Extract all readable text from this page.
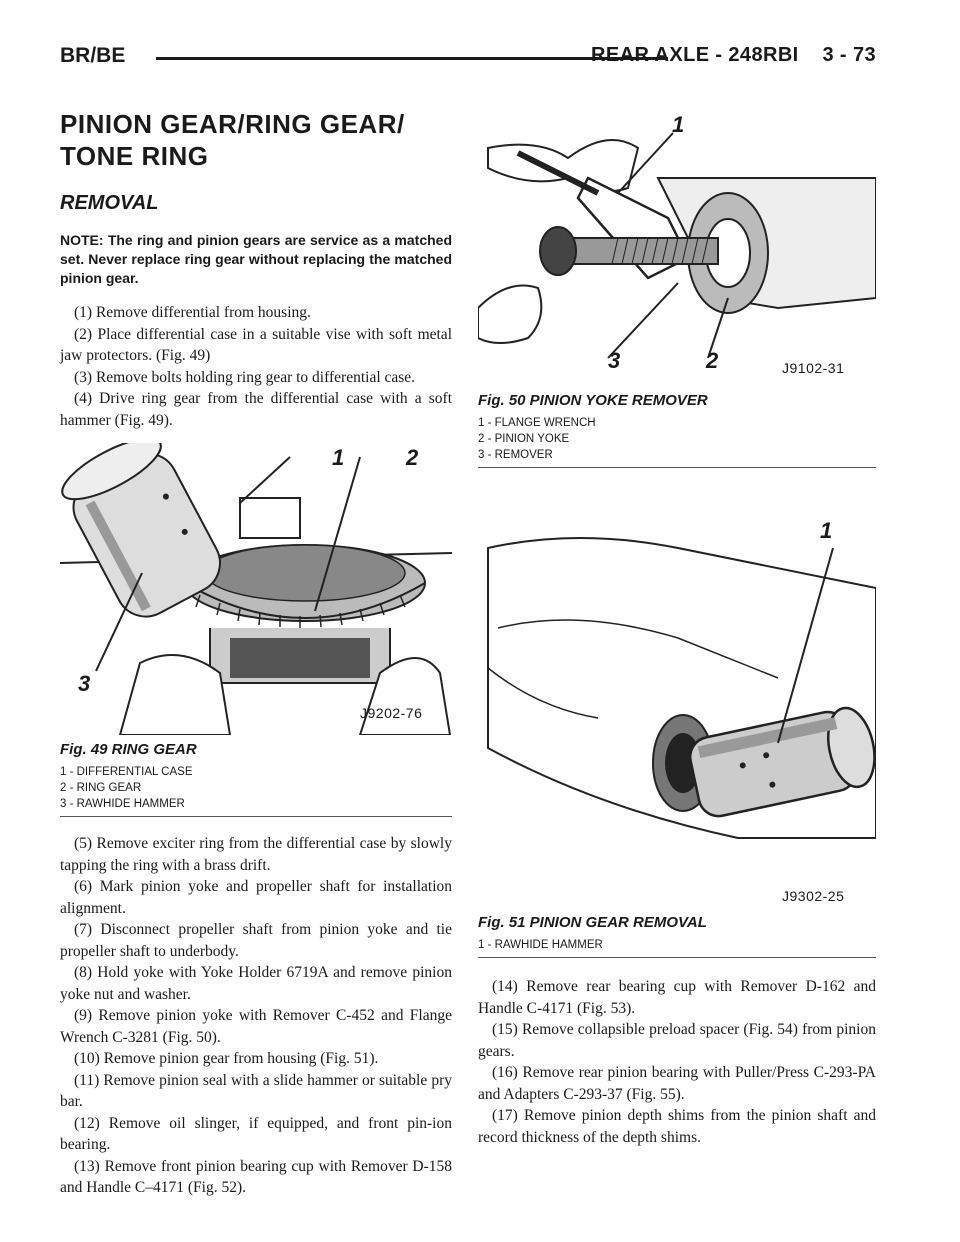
BR/BE	REAR AXLE - 248RBI    3 - 73
PINION GEAR/RING GEAR/
TONE RING
REMOVAL
NOTE: The ring and pinion gears are service as a matched set. Never replace ring gear without replacing the matched pinion gear.

(1) Remove differential from housing.

(2) Place differential case in a suitable vise with soft metal jaw protectors. (Fig. 49)

(3) Remove bolts holding ring gear to differential case.

(4) Drive ring gear from the differential case with a soft hammer (Fig. 49).

1	2
3
J9202-76
Fig. 49 RING GEAR
1 - DIFFERENTIAL CASE
2 - RING GEAR
3 - RAWHIDE HAMMER

(5) Remove exciter ring from the differential case by slowly tapping the ring with a brass drift.

(6) Mark pinion yoke and propeller shaft for installation alignment.

(7) Disconnect propeller shaft from pinion yoke and tie propeller shaft to underbody.

(8) Hold yoke with Yoke Holder 6719A and remove pinion yoke nut and washer.

(9) Remove pinion yoke with Remover C-452 and Flange Wrench C-3281 (Fig. 50).

(10) Remove pinion gear from housing (Fig. 51).

(11) Remove pinion seal with a slide hammer or suitable pry bar.

(12) Remove oil slinger, if equipped, and front pin-ion bearing.

(13) Remove front pinion bearing cup with Remover D-158 and Handle C–4171 (Fig. 52).

1
3	2	J9102-31
Fig. 50 PINION YOKE REMOVER
1 - FLANGE WRENCH
2 - PINION YOKE
3 - REMOVER
1
J9302-25
Fig. 51 PINION GEAR REMOVAL
1 - RAWHIDE HAMMER

(14) Remove rear bearing cup with Remover D-162 and Handle C-4171 (Fig. 53).

(15) Remove collapsible preload spacer (Fig. 54) from pinion gears.

(16) Remove rear pinion bearing with Puller/Press C-293-PA and Adapters C-293-37 (Fig. 55).

(17) Remove pinion depth shims from the pinion shaft and record thickness of the depth shims.
